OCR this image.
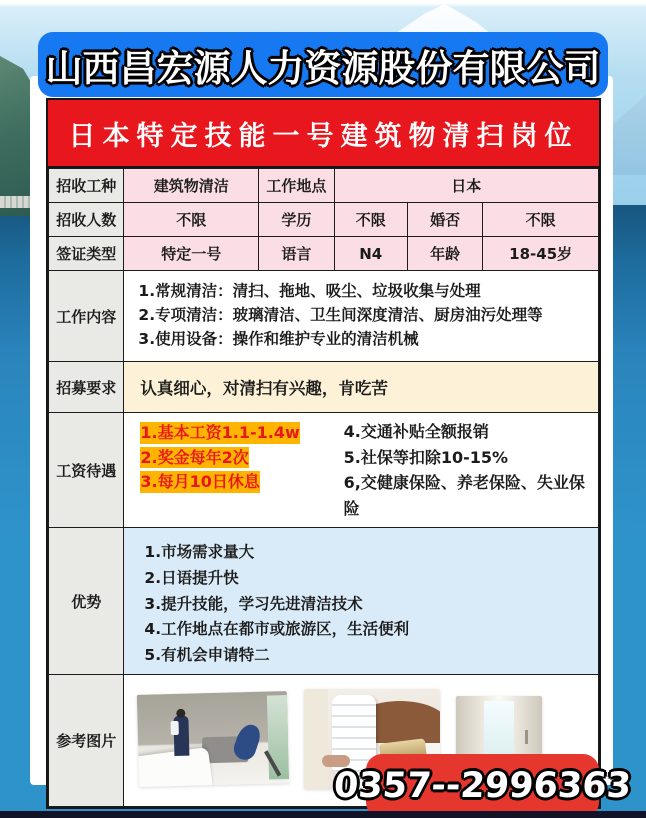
山西昌宏源人力资源股份有限公司
日本特定技能一号建筑物清扫岗位
招收工种	建筑物清洁	工作地点	日本		
招收人数	不限	学历	不限	婚否	不限
签证类型	特定一号	语言	N4	年龄	18-45岁
工作内容	1.常规清洁：清扫、拖地、吸尘、垃圾收集与处理
2.专项清洁：玻璃清洁、卫生间深度清洁、厨房油污处理等
3.使用设备：操作和维护专业的清洁机械				

招募要求	认真细心，对清扫有兴趣，肯吃苦				

工资待遇	
1.基本工资1.1-1.4w
2.奖金每年2次
3.每月10日休息
4.交通补贴全额报销
5.社保等扣除10-15%
6,交健康保险、养老保险、失业保险

优势	1.市场需求量大
2.日语提升快
3.提升技能，学习先进清洁技术
4.工作地点在都市或旅游区，生活便利
5.有机会申请特二				

参考图片					
0357--2996363
